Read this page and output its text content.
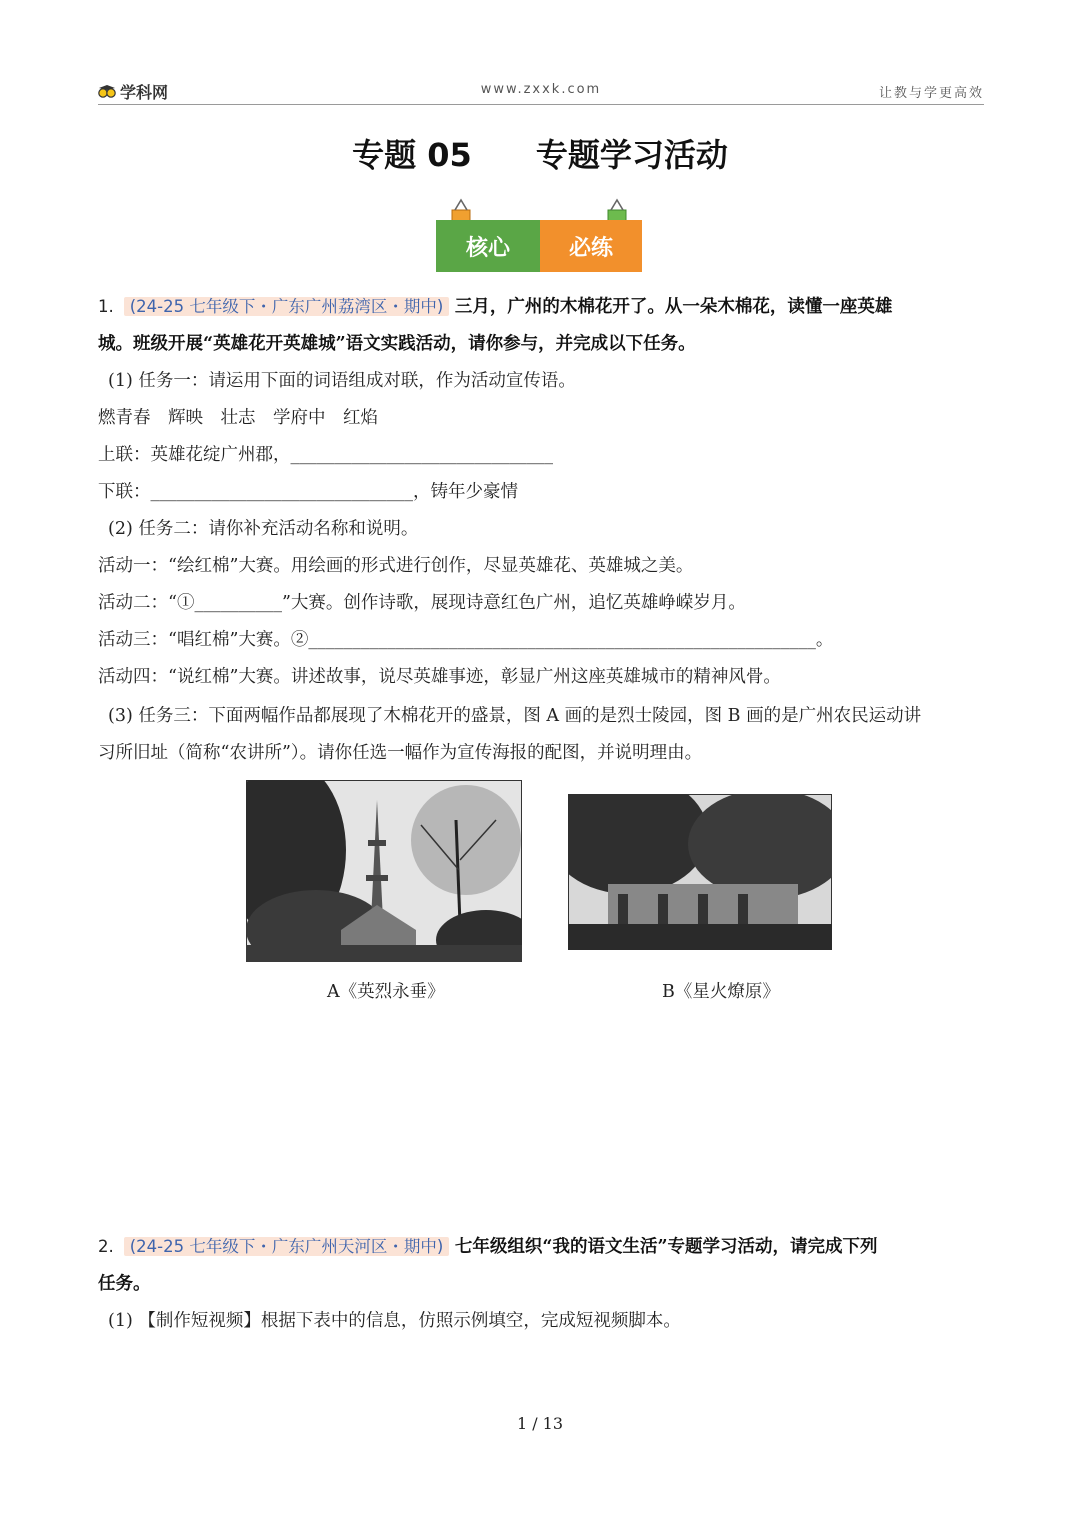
学科网	www.zxxk.com	让教与学更高效
专题 05 专题学习活动
核心	必练
1. (24-25 七年级下・广东广州荔湾区・期中) 三月，广州的木棉花开了。从一朵木棉花，读懂一座英雄
城。班级开展“英雄花开英雄城”语文实践活动，请你参与，并完成以下任务。
(1) 任务一：请运用下面的词语组成对联，作为活动宣传语。
燃青春　辉映　壮志　学府中　红焰
上联：英雄花绽广州郡，______________________________
下联：______________________________，铸年少豪情
(2) 任务二：请你补充活动名称和说明。
活动一：“绘红棉”大赛。用绘画的形式进行创作，尽显英雄花、英雄城之美。
活动二：“①__________”大赛。创作诗歌，展现诗意红色广州，追忆英雄峥嵘岁月。
活动三：“唱红棉”大赛。②__________________________________________________________。
活动四：“说红棉”大赛。讲述故事，说尽英雄事迹，彰显广州这座英雄城市的精神风骨。
(3) 任务三：下面两幅作品都展现了木棉花开的盛景，图 A 画的是烈士陵园，图 B 画的是广州农民运动讲
习所旧址（简称“农讲所”）。请你任选一幅作为宣传海报的配图，并说明理由。
A《英烈永垂》	B《星火燎原》
2. (24-25 七年级下・广东广州天河区・期中) 七年级组织“我的语文生活”专题学习活动，请完成下列
任务。
(1) 【制作短视频】根据下表中的信息，仿照示例填空，完成短视频脚本。
1 / 13
